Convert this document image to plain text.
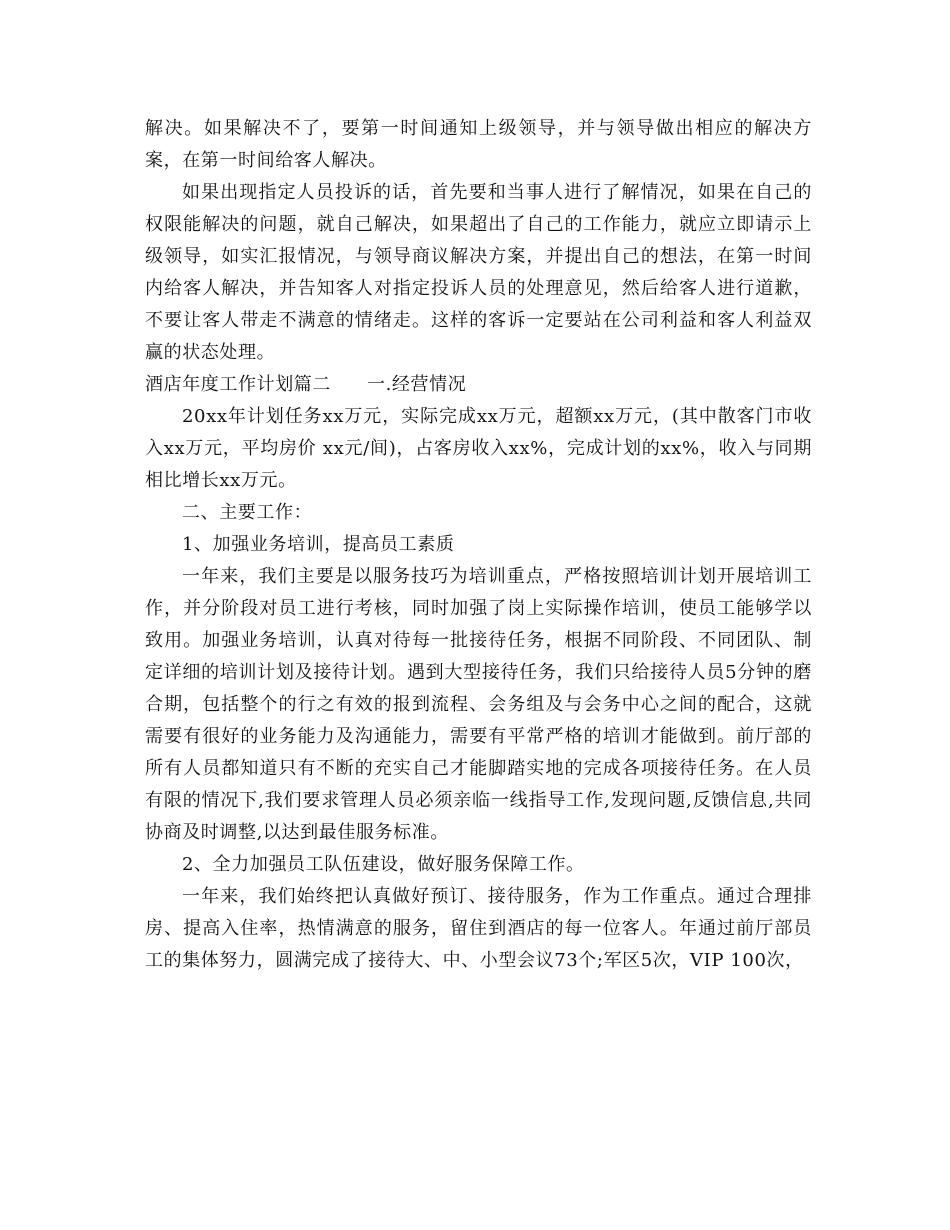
解决。如果解决不了，要第一时间通知上级领导，并与领导做出相应的解决方案，在第一时间给客人解决。

如果出现指定人员投诉的话，首先要和当事人进行了解情况，如果在自己的权限能解决的问题，就自己解决，如果超出了自己的工作能力，就应立即请示上级领导，如实汇报情况，与领导商议解决方案，并提出自己的想法，在第一时间内给客人解决，并告知客人对指定投诉人员的处理意见，然后给客人进行道歉，不要让客人带走不满意的情绪走。这样的客诉一定要站在公司利益和客人利益双赢的状态处理。

酒店年度工作计划篇二 一.经营情况

20xx年计划任务xx万元，实际完成xx万元，超额xx万元，(其中散客门市收入xx万元，平均房价 xx元/间)，占客房收入xx%，完成计划的xx%，收入与同期相比增长xx万元。

二、主要工作：

1、加强业务培训，提高员工素质

一年来，我们主要是以服务技巧为培训重点，严格按照培训计划开展培训工作，并分阶段对员工进行考核，同时加强了岗上实际操作培训，使员工能够学以致用。加强业务培训，认真对待每一批接待任务，根据不同阶段、不同团队、制定详细的培训计划及接待计划。遇到大型接待任务，我们只给接待人员5分钟的磨合期，包括整个的行之有效的报到流程、会务组及与会务中心之间的配合，这就需要有很好的业务能力及沟通能力，需要有平常严格的培训才能做到。前厅部的所有人员都知道只有不断的充实自己才能脚踏实地的完成各项接待任务。在人员有限的情况下,我们要求管理人员必须亲临一线指导工作,发现问题,反馈信息,共同协商及时调整,以达到最佳服务标准。

2、全力加强员工队伍建设，做好服务保障工作。

一年来，我们始终把认真做好预订、接待服务，作为工作重点。通过合理排房、提高入住率，热情满意的服务，留住到酒店的每一位客人。年通过前厅部员工的集体努力，圆满完成了接待大、中、小型会议73个;军区5次，VIP 100次，
